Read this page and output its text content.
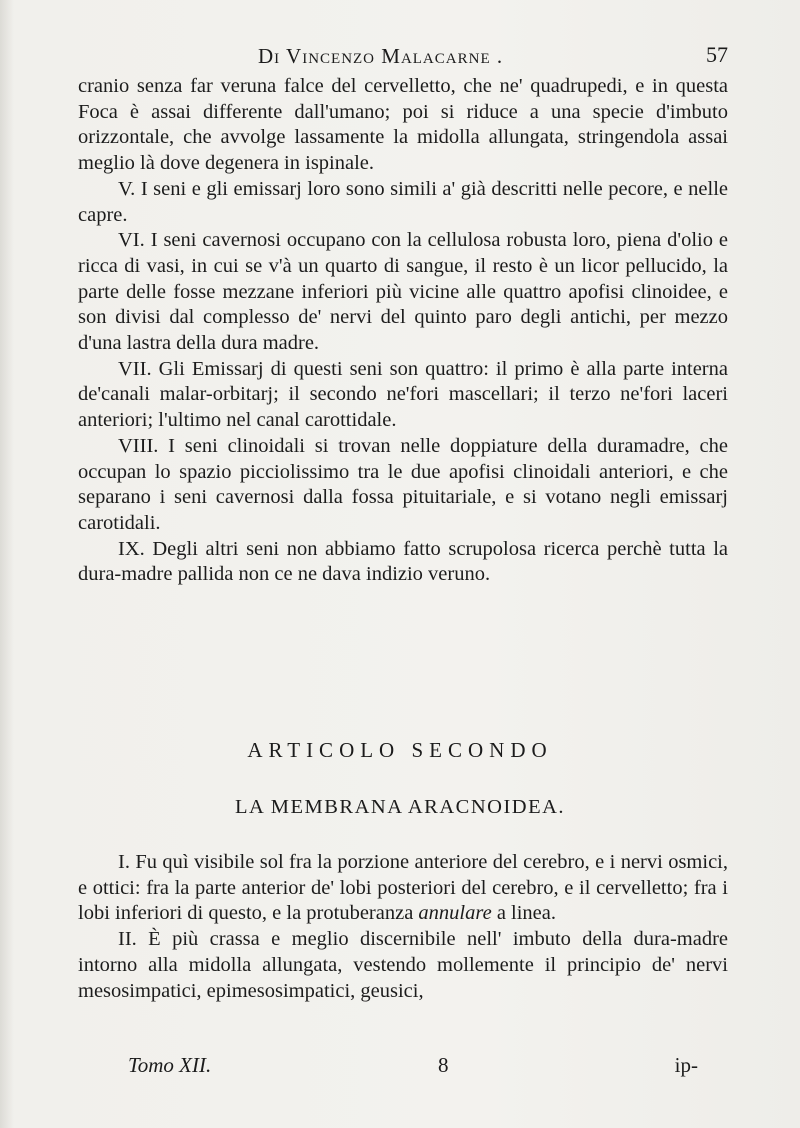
Di Vincenzo Malacarne .	57

cranio senza far veruna falce del cervelletto, che ne' quadrupedi, e in questa Foca è assai differente dall'umano; poi si riduce a una specie d'imbuto orizzontale, che avvolge lassamente la midolla allungata, stringendola assai meglio là dove degenera in ispinale.

V. I seni e gli emissarj loro sono simili a' già descritti nelle pecore, e nelle capre.

VI. I seni cavernosi occupano con la cellulosa robusta loro, piena d'olio e ricca di vasi, in cui se v'à un quarto di sangue, il resto è un licor pellucido, la parte delle fosse mezzane inferiori più vicine alle quattro apofisi clinoidee, e son divisi dal complesso de' nervi del quinto paro degli antichi, per mezzo d'una lastra della dura madre.

VII. Gli Emissarj di questi seni son quattro: il primo è alla parte interna de'canali malar-orbitarj; il secondo ne'fori mascellari; il terzo ne'fori laceri anteriori; l'ultimo nel canal carottidale.

VIII. I seni clinoidali si trovan nelle doppiature della duramadre, che occupan lo spazio picciolissimo tra le due apofisi clinoidali anteriori, e che separano i seni cavernosi dalla fossa pituitariale, e si votano negli emissarj carotidali.

IX. Degli altri seni non abbiamo fatto scrupolosa ricerca perchè tutta la dura-madre pallida non ce ne dava indizio veruno.

ARTICOLO SECONDO
LA MEMBRANA ARACNOIDEA.

I. Fu quì visibile sol fra la porzione anteriore del cerebro, e i nervi osmici, e ottici: fra la parte anterior de' lobi posteriori del cerebro, e il cervelletto; fra i lobi inferiori di questo, e la protuberanza annulare a linea.

II. È più crassa e meglio discernibile nell' imbuto della dura-madre intorno alla midolla allungata, vestendo mollemente il principio de' nervi mesosimpatici, epimesosimpatici, geusici,

Tomo XII.	8	ip-
